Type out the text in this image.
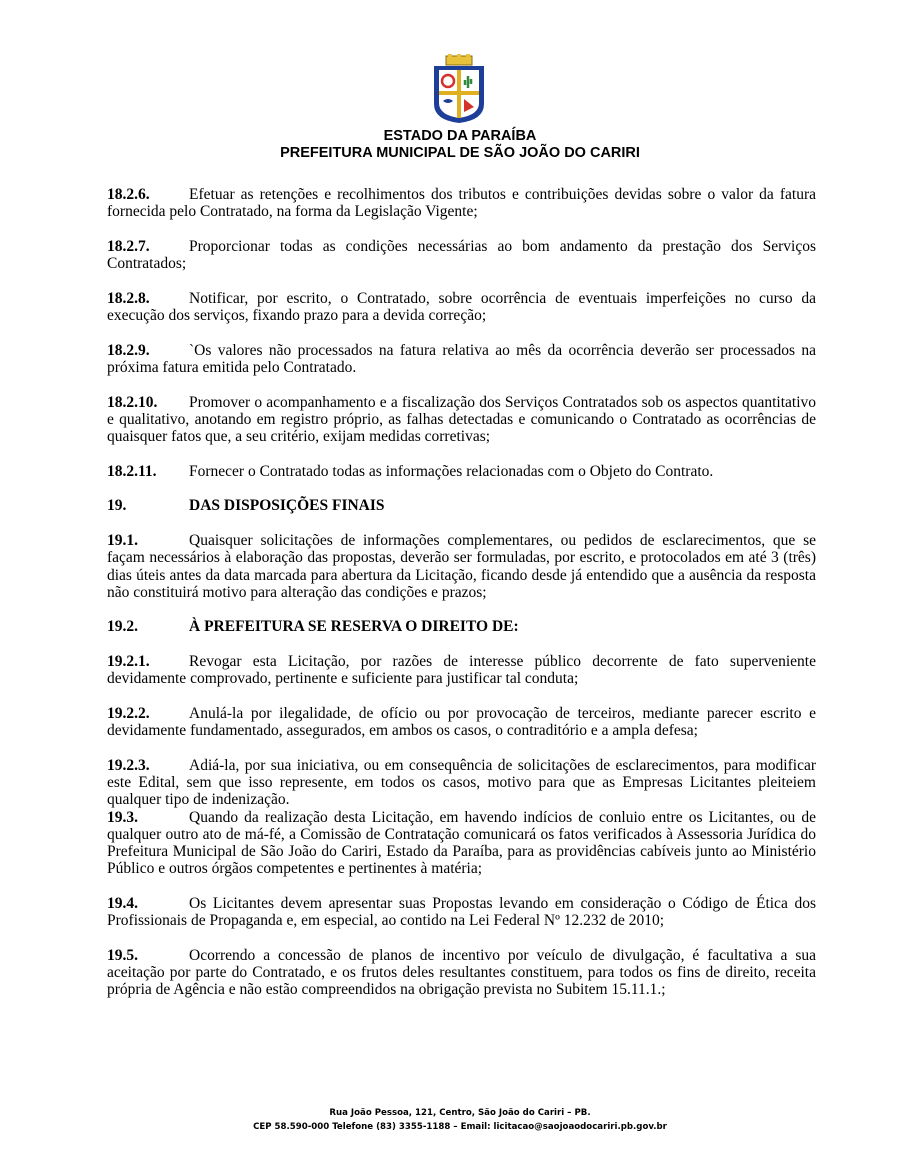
ESTADO DA PARAÍBA
PREFEITURA MUNICIPAL DE SÃO JOÃO DO CARIRI

18.2.6.	Efetuar as retenções e recolhimentos dos tributos e contribuições devidas sobre o valor da fatura fornecida pelo Contratado, na forma da Legislação Vigente;

18.2.7.	Proporcionar todas as condições necessárias ao bom andamento da prestação dos Serviços Contratados;

18.2.8.	Notificar, por escrito, o Contratado, sobre ocorrência de eventuais imperfeições no curso da execução dos serviços, fixando prazo para a devida correção;

18.2.9.	`Os valores não processados na fatura relativa ao mês da ocorrência deverão ser processados na próxima fatura emitida pelo Contratado.

18.2.10. Promover o acompanhamento e a fiscalização dos Serviços Contratados sob os aspectos quantitativo e qualitativo, anotando em registro próprio, as falhas detectadas e comunicando o Contratado as ocorrências de quaisquer fatos que, a seu critério, exijam medidas corretivas;

18.2.11. Fornecer o Contratado todas as informações relacionadas com o Objeto do Contrato.

19.	DAS DISPOSIÇÕES FINAIS

19.1.	Quaisquer solicitações de informações complementares, ou pedidos de esclarecimentos, que se façam necessários à elaboração das propostas, deverão ser formuladas, por escrito, e protocolados em até 3 (três) dias úteis antes da data marcada para abertura da Licitação, ficando desde já entendido que a ausência da resposta não constituirá motivo para alteração das condições e prazos;

19.2.	À PREFEITURA SE RESERVA O DIREITO DE:

19.2.1.	Revogar esta Licitação, por razões de interesse público decorrente de fato superveniente devidamente comprovado, pertinente e suficiente para justificar tal conduta;

19.2.2.	Anulá-la por ilegalidade, de ofício ou por provocação de terceiros, mediante parecer escrito e devidamente fundamentado, assegurados, em ambos os casos, o contraditório e a ampla defesa;

19.2.3.	Adiá-la, por sua iniciativa, ou em consequência de solicitações de esclarecimentos, para modificar este Edital, sem que isso represente, em todos os casos, motivo para que as Empresas Licitantes pleiteiem qualquer tipo de indenização.

19.3.	Quando da realização desta Licitação, em havendo indícios de conluio entre os Licitantes, ou de qualquer outro ato de má-fé, a Comissão de Contratação comunicará os fatos verificados à Assessoria Jurídica do Prefeitura Municipal de São João do Cariri, Estado da Paraíba, para as providências cabíveis junto ao Ministério Público e outros órgãos competentes e pertinentes à matéria;

19.4.	Os Licitantes devem apresentar suas Propostas levando em consideração o Código de Ética dos Profissionais de Propaganda e, em especial, ao contido na Lei Federal Nº 12.232 de 2010;

19.5.	Ocorrendo a concessão de planos de incentivo por veículo de divulgação, é facultativa a sua aceitação por parte do Contratado, e os frutos deles resultantes constituem, para todos os fins de direito, receita própria de Agência e não estão compreendidos na obrigação prevista no Subitem 15.11.1.;

Rua João Pessoa, 121, Centro, São João do Cariri – PB.
CEP 58.590-000 Telefone (83) 3355-1188 – Email: licitacao@saojoaodocariri.pb.gov.br
